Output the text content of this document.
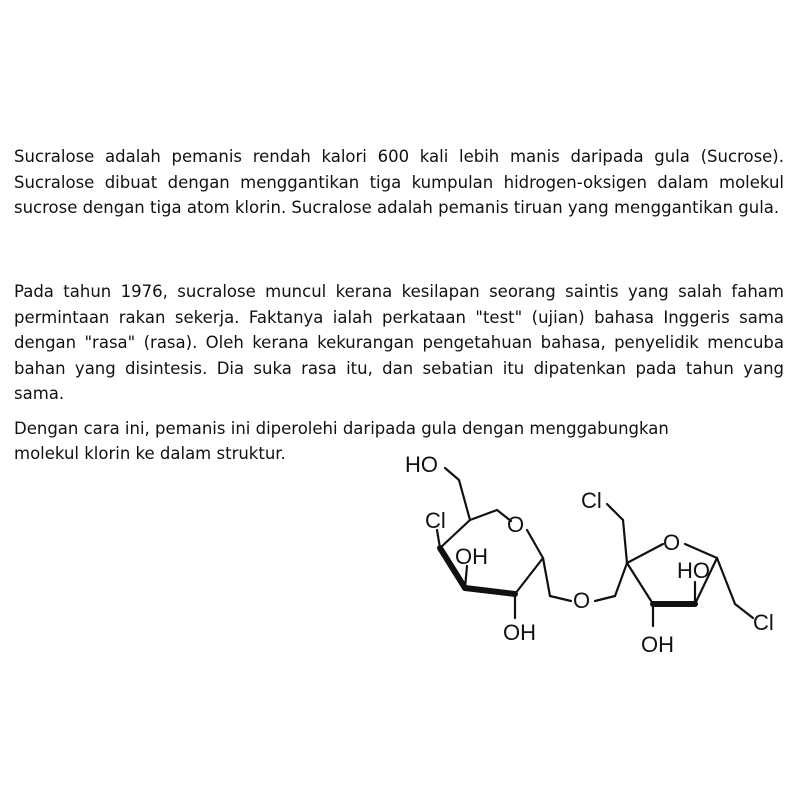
Sucralose adalah pemanis rendah kalori 600 kali lebih manis daripada gula (Sucrose). Sucralose dibuat dengan menggantikan tiga kumpulan hidrogen-oksigen dalam molekul sucrose dengan tiga atom klorin. Sucralose adalah pemanis tiruan yang menggantikan gula.

Pada tahun 1976, sucralose muncul kerana kesilapan seorang saintis yang salah faham permintaan rakan sekerja. Faktanya ialah perkataan "test" (ujian) bahasa Inggeris sama dengan "rasa" (rasa). Oleh kerana kekurangan pengetahuan bahasa, penyelidik mencuba bahan yang disintesis. Dia suka rasa itu, dan sebatian itu dipatenkan pada tahun yang sama.

Dengan cara ini, pemanis ini diperolehi daripada gula dengan menggabungkan

molekul klorin ke dalam struktur.	HO
Cl	O
OH
OH
O
Cl
O
HO
OH
Cl
